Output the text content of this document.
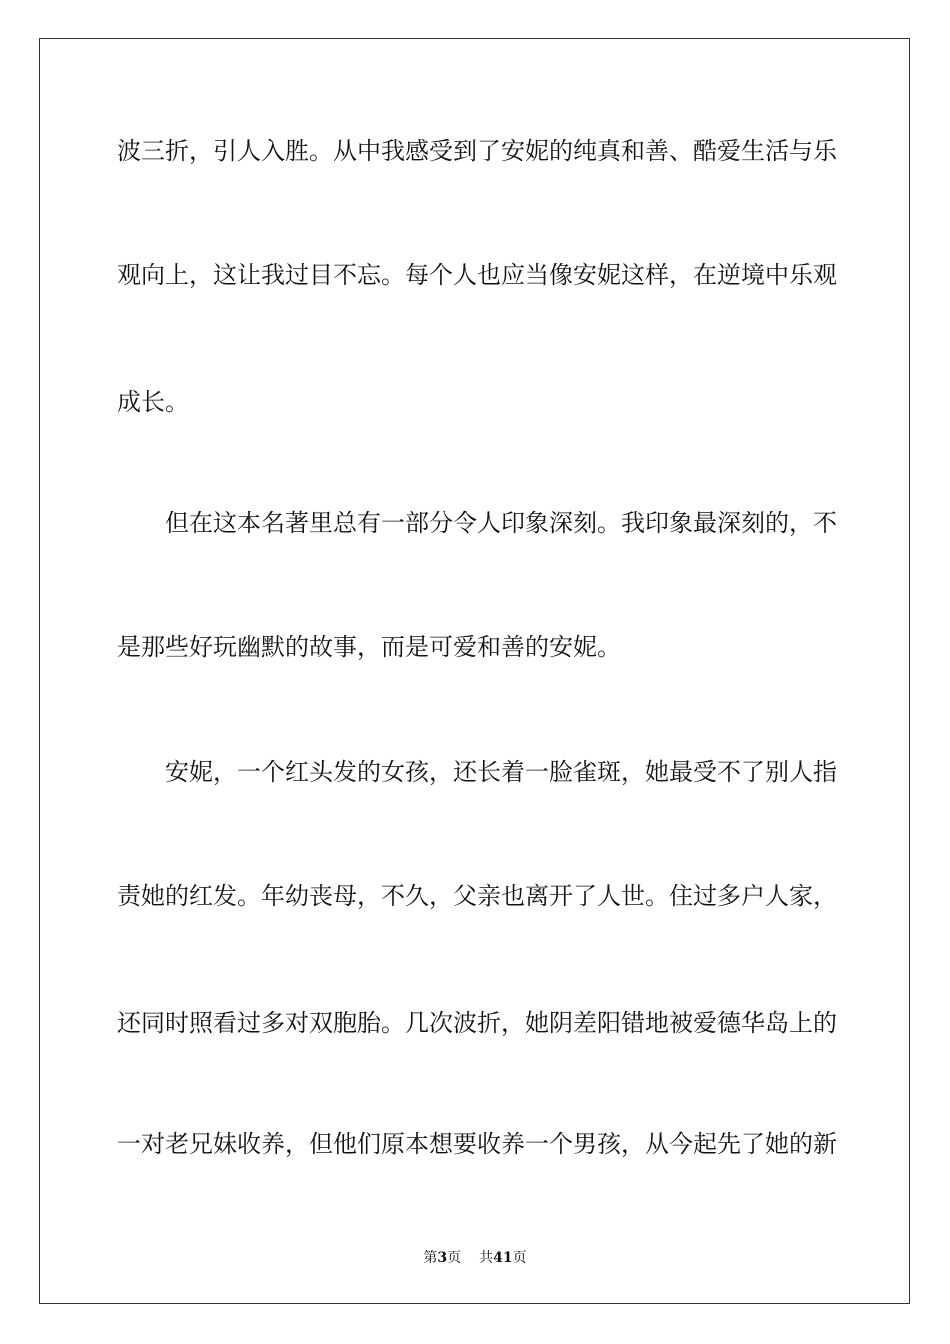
波三折，引人入胜。从中我感受到了安妮的纯真和善、酷爱生活与乐
观向上，这让我过目不忘。每个人也应当像安妮这样，在逆境中乐观
成长。
但在这本名著里总有一部分令人印象深刻。我印象最深刻的，不
是那些好玩幽默的故事，而是可爱和善的安妮。
安妮，一个红头发的女孩，还长着一脸雀斑，她最受不了别人指
责她的红发。年幼丧母，不久，父亲也离开了人世。住过多户人家，
还同时照看过多对双胞胎。几次波折，她阴差阳错地被爱德华岛上的
一对老兄妹收养，但他们原本想要收养一个男孩，从今起先了她的新
第3页 共41页
